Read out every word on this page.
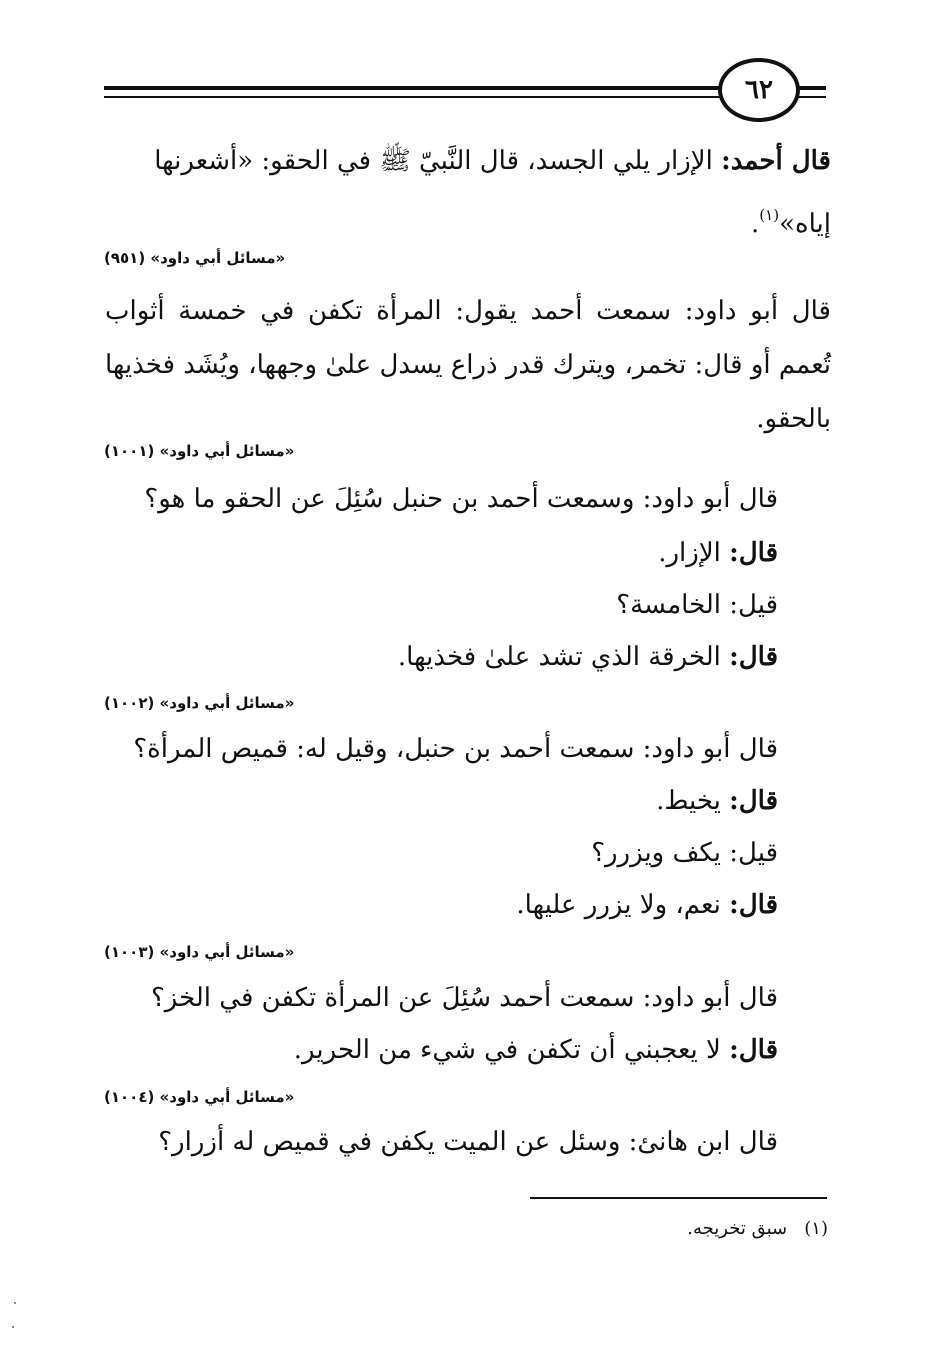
٦٢
قال أحمد: الإزار يلي الجسد، قال النَّبيّ ﷺ في الحقو: «أشعرنها
إياه»$^{(١)}$.
«مسائل أبي داود» (٩٥١)
قال أبو داود: سمعت أحمد يقول: المرأة تكفن في خمسة أثواب تُعمم أو قال: تخمر، ويترك قدر ذراع يسدل علىٰ وجهها، ويُشَد فخذيها بالحقو.
«مسائل أبي داود» (١٠٠١)
قال أبو داود: وسمعت أحمد بن حنبل سُئِلَ عن الحقو ما هو؟
قال: الإزار.
قيل: الخامسة؟
قال: الخرقة الذي تشد علىٰ فخذيها.
«مسائل أبي داود» (١٠٠٢)
قال أبو داود: سمعت أحمد بن حنبل، وقيل له: قميص المرأة؟
قال: يخيط.
قيل: يكف ويزرر؟
قال: نعم، ولا يزرر عليها.
«مسائل أبي داود» (١٠٠٣)
قال أبو داود: سمعت أحمد سُئِلَ عن المرأة تكفن في الخز؟
قال: لا يعجبني أن تكفن في شيء من الحرير.
«مسائل أبي داود» (١٠٠٤)
قال ابن هانئ: وسئل عن الميت يكفن في قميص له أزرار؟
(١)   سبق تخريجه.
